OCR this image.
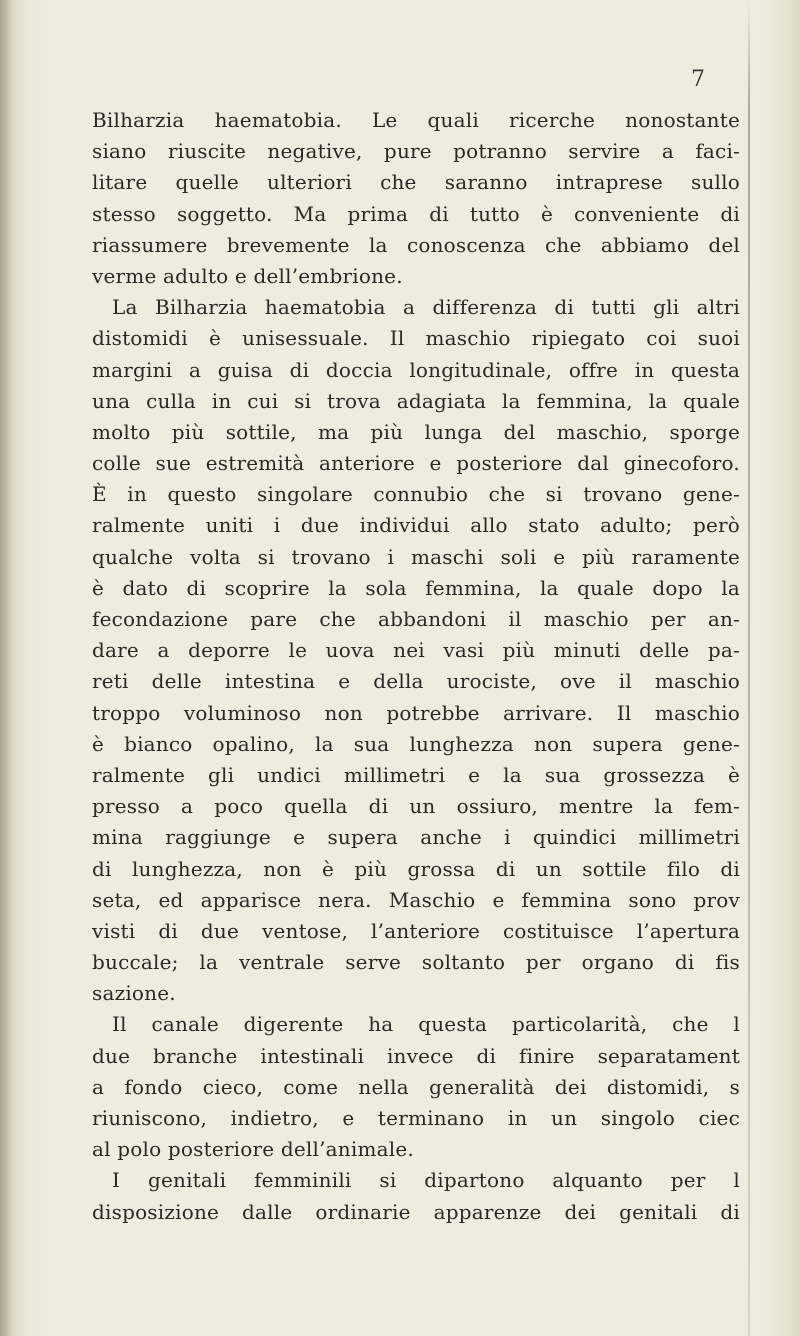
7
Bilharzia haematobia. Le quali ricerche nonostante
siano riuscite negative, pure potranno servire a faci-
litare quelle ulteriori che saranno intraprese sullo
stesso soggetto. Ma prima di tutto è conveniente di
riassumere brevemente la conoscenza che abbiamo del
verme adulto e dell’embrione.
La Bilharzia haematobia a differenza di tutti gli altri
distomidi è unisessuale. Il maschio ripiegato coi suoi
margini a guisa di doccia longitudinale, offre in questa
una culla in cui si trova adagiata la femmina, la quale
molto più sottile, ma più lunga del maschio, sporge
colle sue estremità anteriore e posteriore dal ginecoforo.
È in questo singolare connubio che si trovano gene-
ralmente uniti i due individui allo stato adulto; però
qualche volta si trovano i maschi soli e più raramente
è dato di scoprire la sola femmina, la quale dopo la
fecondazione pare che abbandoni il maschio per an-
dare a deporre le uova nei vasi più minuti delle pa-
reti delle intestina e della urociste, ove il maschio
troppo voluminoso non potrebbe arrivare. Il maschio
è bianco opalino, la sua lunghezza non supera gene-
ralmente gli undici millimetri e la sua grossezza è
presso a poco quella di un ossiuro, mentre la fem-
mina raggiunge e supera anche i quindici millimetri
di lunghezza, non è più grossa di un sottile filo di
seta, ed apparisce nera. Maschio e femmina sono prov
visti di due ventose, l’anteriore costituisce l’apertura
buccale; la ventrale serve soltanto per organo di fis
sazione.
Il canale digerente ha questa particolarità, che l
due branche intestinali invece di finire separatament
a fondo cieco, come nella generalità dei distomidi, s
riuniscono, indietro, e terminano in un singolo ciec
al polo posteriore dell’animale.
I genitali femminili si dipartono alquanto per l
disposizione dalle ordinarie apparenze dei genitali di
